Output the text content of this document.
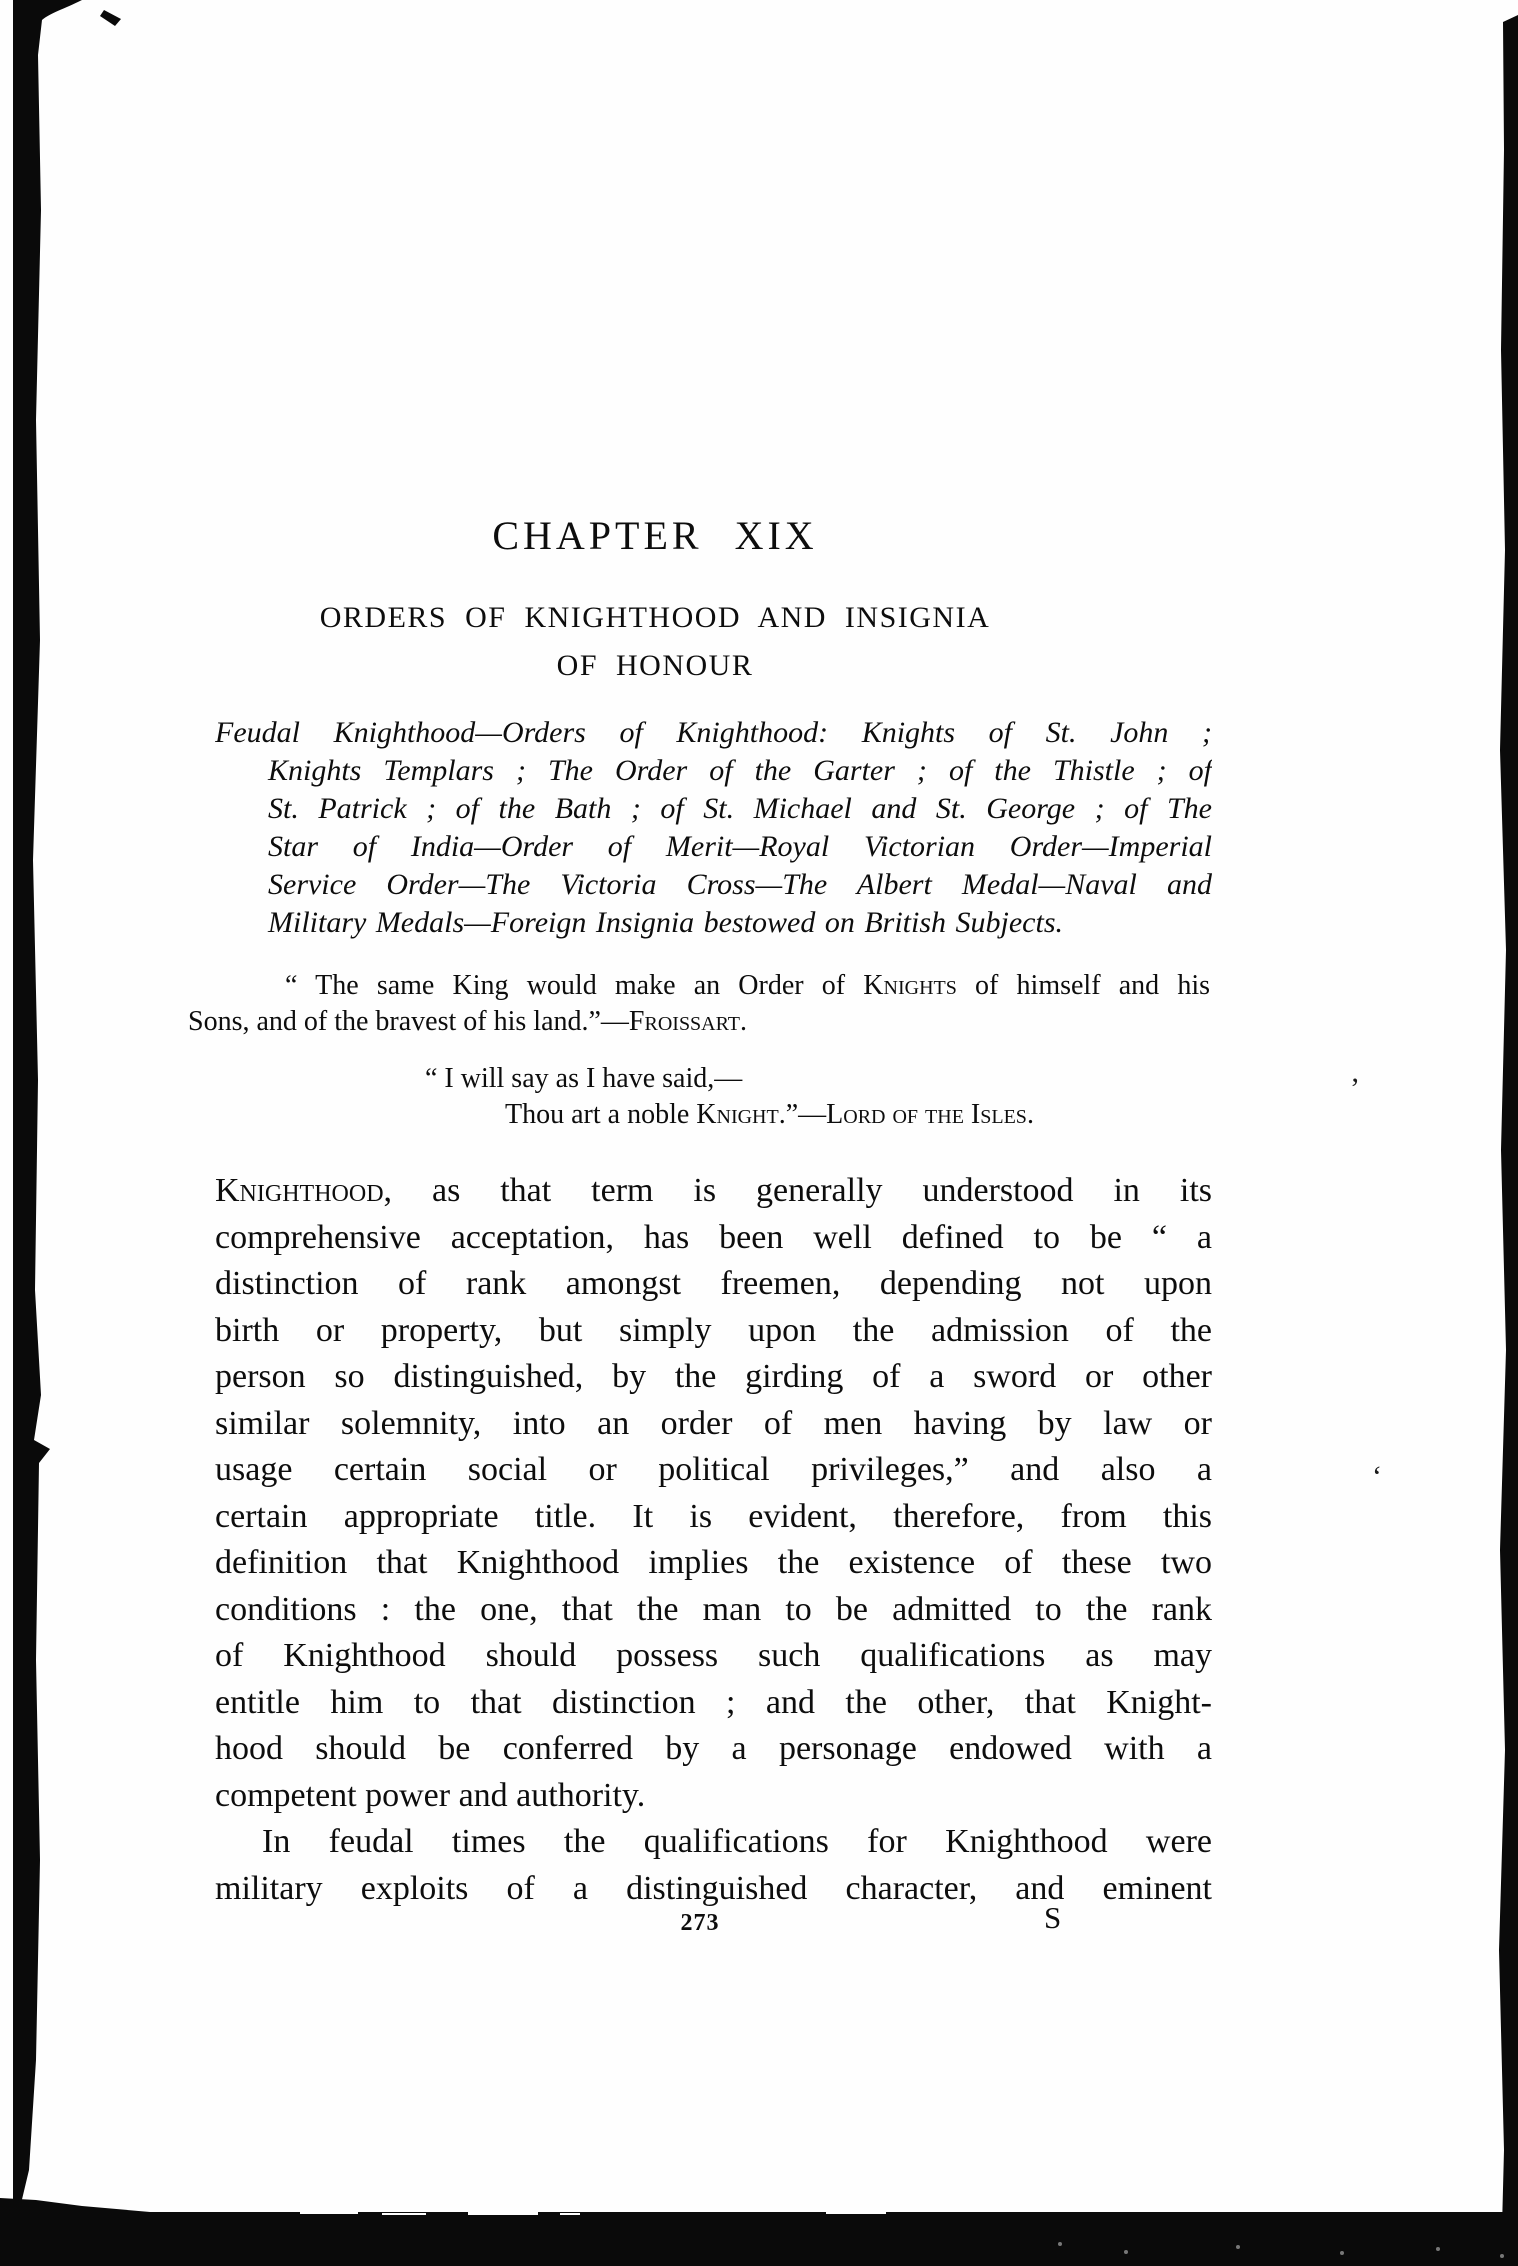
CHAPTER XIX
ORDERS OF KNIGHTHOOD AND INSIGNIA
OF HONOUR
Feudal Knighthood—Orders of Knighthood: Knights of St. John ;
Knights Templars ; The Order of the Garter ; of the Thistle ; of
St. Patrick ; of the Bath ; of St. Michael and St. George ; of The
Star of India—Order of Merit—Royal Victorian Order—Imperial
Service Order—The Victoria Cross—The Albert Medal—Naval and
Military Medals—Foreign Insignia bestowed on British Subjects.
“ The same King would make an Order of Knights of himself and his
Sons, and of the bravest of his land.”—Froissart.
“ I will say as I have said,—
Thou art a noble Knight.”—Lord of the Isles.
Knighthood, as that term is generally understood in its
comprehensive acceptation, has been well defined to be “ a
distinction of rank amongst freemen, depending not upon
birth or property, but simply upon the admission of the
person so distinguished, by the girding of a sword or other
similar solemnity, into an order of men having by law or
usage certain social or political privileges,” and also a
certain appropriate title. It is evident, therefore, from this
definition that Knighthood implies the existence of these two
conditions : the one, that the man to be admitted to the rank
of Knighthood should possess such qualifications as may
entitle him to that distinction ; and the other, that Knight-
hood should be conferred by a personage endowed with a
competent power and authority.
In feudal times the qualifications for Knighthood were
military exploits of a distinguished character, and eminent
273	S
’
‘
